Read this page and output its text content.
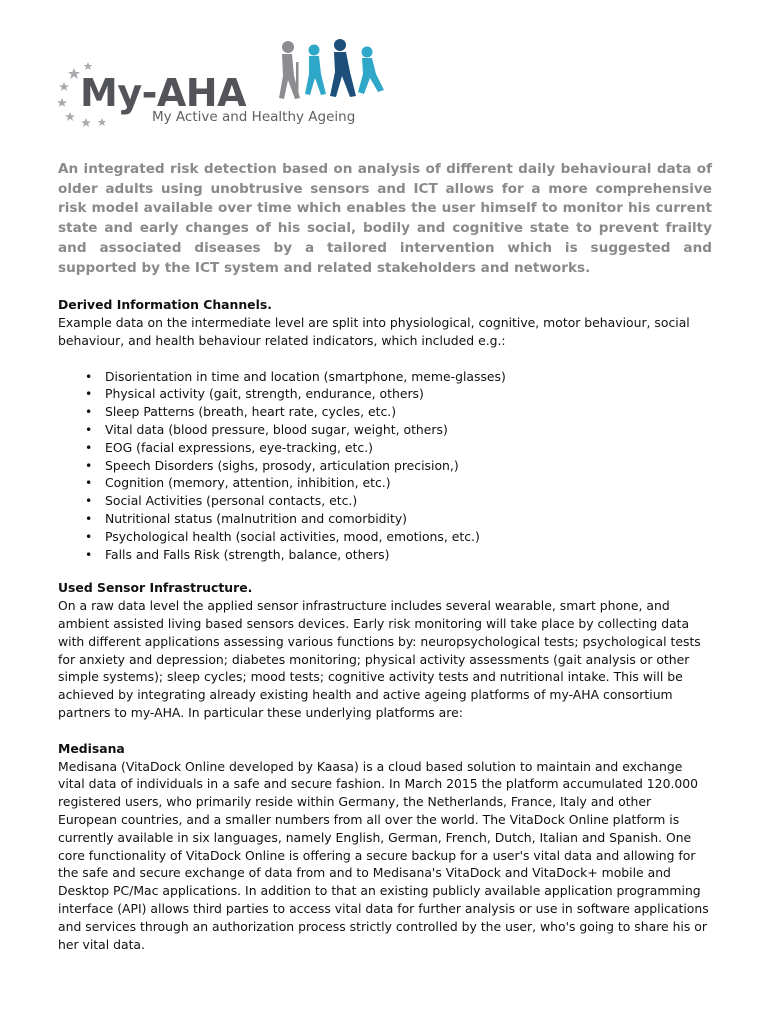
My-AHA
My Active and Healthy Ageing

An integrated risk detection based on analysis of different daily behavioural data of older adults using unobtrusive sensors and ICT allows for a more comprehensive risk model available over time which enables the user himself to monitor his current state and early changes of his social, bodily and cognitive state to prevent frailty and associated diseases by a tailored intervention which is suggested and supported by the ICT system and related stakeholders and networks.

Derived Information Channels.

Example data on the intermediate level are split into physiological, cognitive, motor behaviour, social behaviour, and health behaviour related indicators, which included e.g.:

• Disorientation in time and location (smartphone, meme-glasses)
• Physical activity (gait, strength, endurance, others)
• Sleep Patterns (breath, heart rate, cycles, etc.)
• Vital data (blood pressure, blood sugar, weight, others)
• EOG (facial expressions, eye-tracking, etc.)
• Speech Disorders (sighs, prosody, articulation precision,)
• Cognition (memory, attention, inhibition, etc.)
• Social Activities (personal contacts, etc.)
• Nutritional status (malnutrition and comorbidity)
• Psychological health (social activities, mood, emotions, etc.)
• Falls and Falls Risk (strength, balance, others)

Used Sensor Infrastructure.

On a raw data level the applied sensor infrastructure includes several wearable, smart phone, and ambient assisted living based sensors devices. Early risk monitoring will take place by collecting data with different applications assessing various functions by: neuropsychological tests; psychological tests for anxiety and depression; diabetes monitoring; physical activity assessments (gait analysis or other simple systems); sleep cycles; mood tests; cognitive activity tests and nutritional intake. This will be achieved by integrating already existing health and active ageing platforms of my-AHA consortium partners to my-AHA. In particular these underlying platforms are:

Medisana

Medisana (VitaDock Online developed by Kaasa) is a cloud based solution to maintain and exchange vital data of individuals in a safe and secure fashion. In March 2015 the platform accumulated 120.000 registered users, who primarily reside within Germany, the Netherlands, France, Italy and other European countries, and a smaller numbers from all over the world. The VitaDock Online platform is currently available in six languages, namely English, German, French, Dutch, Italian and Spanish. One core functionality of VitaDock Online is offering a secure backup for a user's vital data and allowing for the safe and secure exchange of data from and to Medisana's VitaDock and VitaDock+ mobile and Desktop PC/Mac applications. In addition to that an existing publicly available application programming interface (API) allows third parties to access vital data for further analysis or use in software applications and services through an authorization process strictly controlled by the user, who's going to share his or her vital data.
